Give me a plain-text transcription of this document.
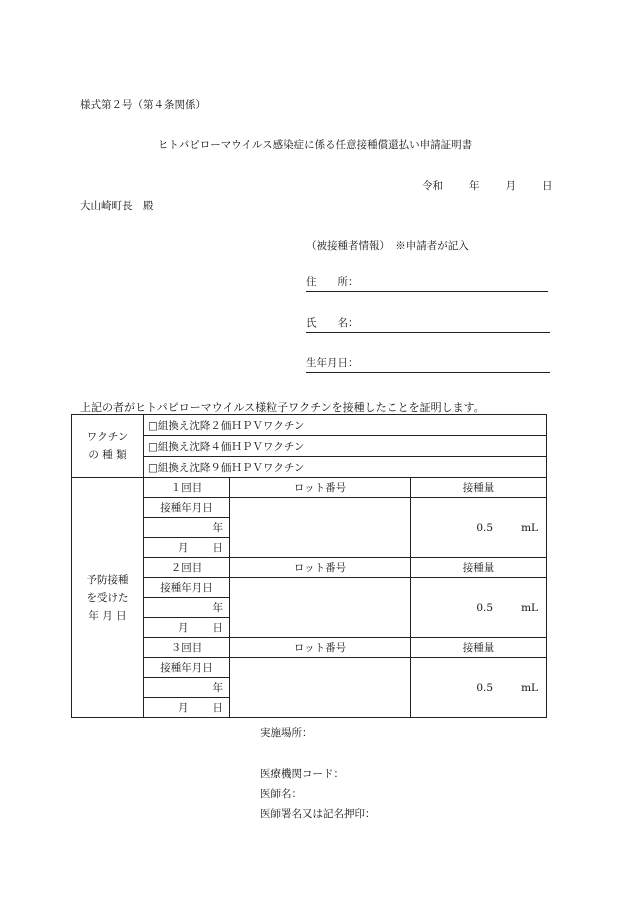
様式第２号（第４条関係）
ヒトパピローマウイルス感染症に係る任意接種償還払い申請証明書
令和 年 月 日
大山崎町長　殿
（被接種者情報）　※申請者が記入
住　　所：
氏　　名：
生年月日：
上記の者がヒトパピローマウイルス様粒子ワクチンを接種したことを証明します。
ワクチン
の 種 類	□組換え沈降２価ＨＰＶワクチン		
	□組換え沈降４価ＨＰＶワクチン		
	□組換え沈降９価ＨＰＶワクチン		

予防接種
を受けた
年 月 日	１回目	ロット番号	接種量
	接種年月日		0.5 mL
	年		
	月 日		
	２回目	ロット番号	接種量
	接種年月日		0.5 mL
	年		
	月 日		
	３回目	ロット番号	接種量
	接種年月日		0.5 mL
	年		
	月 日		
実施場所：
医療機関コード：
医師名：
医師署名又は記名押印：
